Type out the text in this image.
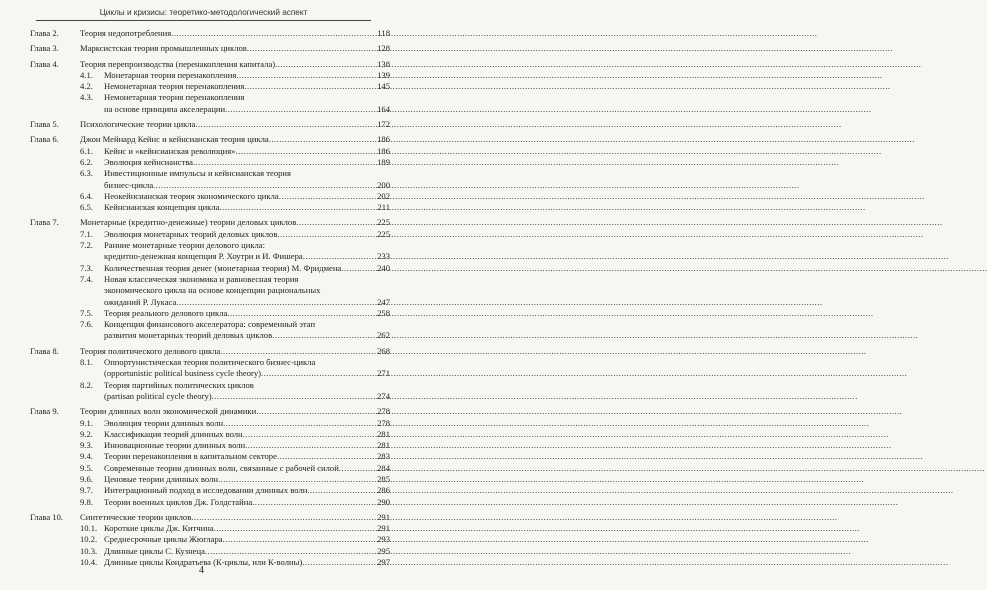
Циклы и кризисы: теоретико-методологический аспект
Глава 2.	Теория недопотребления .....	118
Глава 3.	Марксистская теория промышленных циклов .....	128
Глава 4.	Теория перепроизводства (перенакопления капитала) .....	138
4.1.	Монетарная теория перенакопления .....	139
4.2.	Немонетарная теория перенакопления .....	145
4.3.	Немонетарная теория перенакопления
на основе принципа акселерации .....	164
Глава 5.	Психологические теории цикла .....	172
Глава 6.	Джон Мейнард Кейнс и кейнсианская теория цикла .....	186
6.1.	Кейнс и «кейнсианская революция» .....	186
6.2.	Эволюция кейнсианства .....	189
6.3.	Инвестиционные импульсы и кейнсианская теория
бизнес-цикла .....	200
6.4.	Неокейнсианская теория экономического цикла .....	202
6.5.	Кейнсианская концепция цикла .....	211
Глава 7.	Монетарные (кредитно-денежные) теории деловых циклов .....	225
7.1.	Эволюция монетарных теорий деловых циклов .....	225
7.2.	Ранние монетарные теории делового цикла:
кредитно-денежная концепция Р. Хоутри и И. Фишера .....	233
7.3.	Количественная теория денег (монетарная теория) М. Фридмена .....	240
7.4.	Новая классическая экономика и равновесная теория
экономического цикла на основе концепции рациональных
ожиданий Р. Лукаса .....	247
7.5.	Теория реального делового цикла .....	258
7.6.	Концепция финансового акселератора: современный этап
развития монетарных теорий деловых циклов .....	262
Глава 8.	Теория политического делового цикла .....	268
8.1.	Оппортунистическая теория политического бизнес-цикла
(opportunistic political business cycle theory) .....	271
8.2.	Теория партийных политических циклов
(partisan political cycle theory) .....	274
Глава 9.	Теории длинных волн экономической динамики .....	278
9.1.	Эволюция теории длинных волн .....	278
9.2.	Классификация теорий длинных волн .....	281
9.3.	Инновационные теории длинных волн .....	281
9.4.	Теории перенакопления в капитальном секторе .....	283
9.5.	Современные теории длинных волн, связанные с рабочей силой .....	284
9.6.	Ценовые теории длинных волн .....	285
9.7.	Интеграционный подход в исследовании длинных волн .....	286
9.8.	Теории военных циклов Дж. Голдстайна .....	290
Глава 10.	Синтетические теории циклов .....	291
10.1. Короткие циклы Дж. Китчина .....	291
10.2. Среднесрочные циклы Жюглара .....	293
10.3. Длинные циклы С. Кузнеца .....	295
10.4. Длинные циклы Кондратьева (К-циклы, или К-волны) .....	297
4
